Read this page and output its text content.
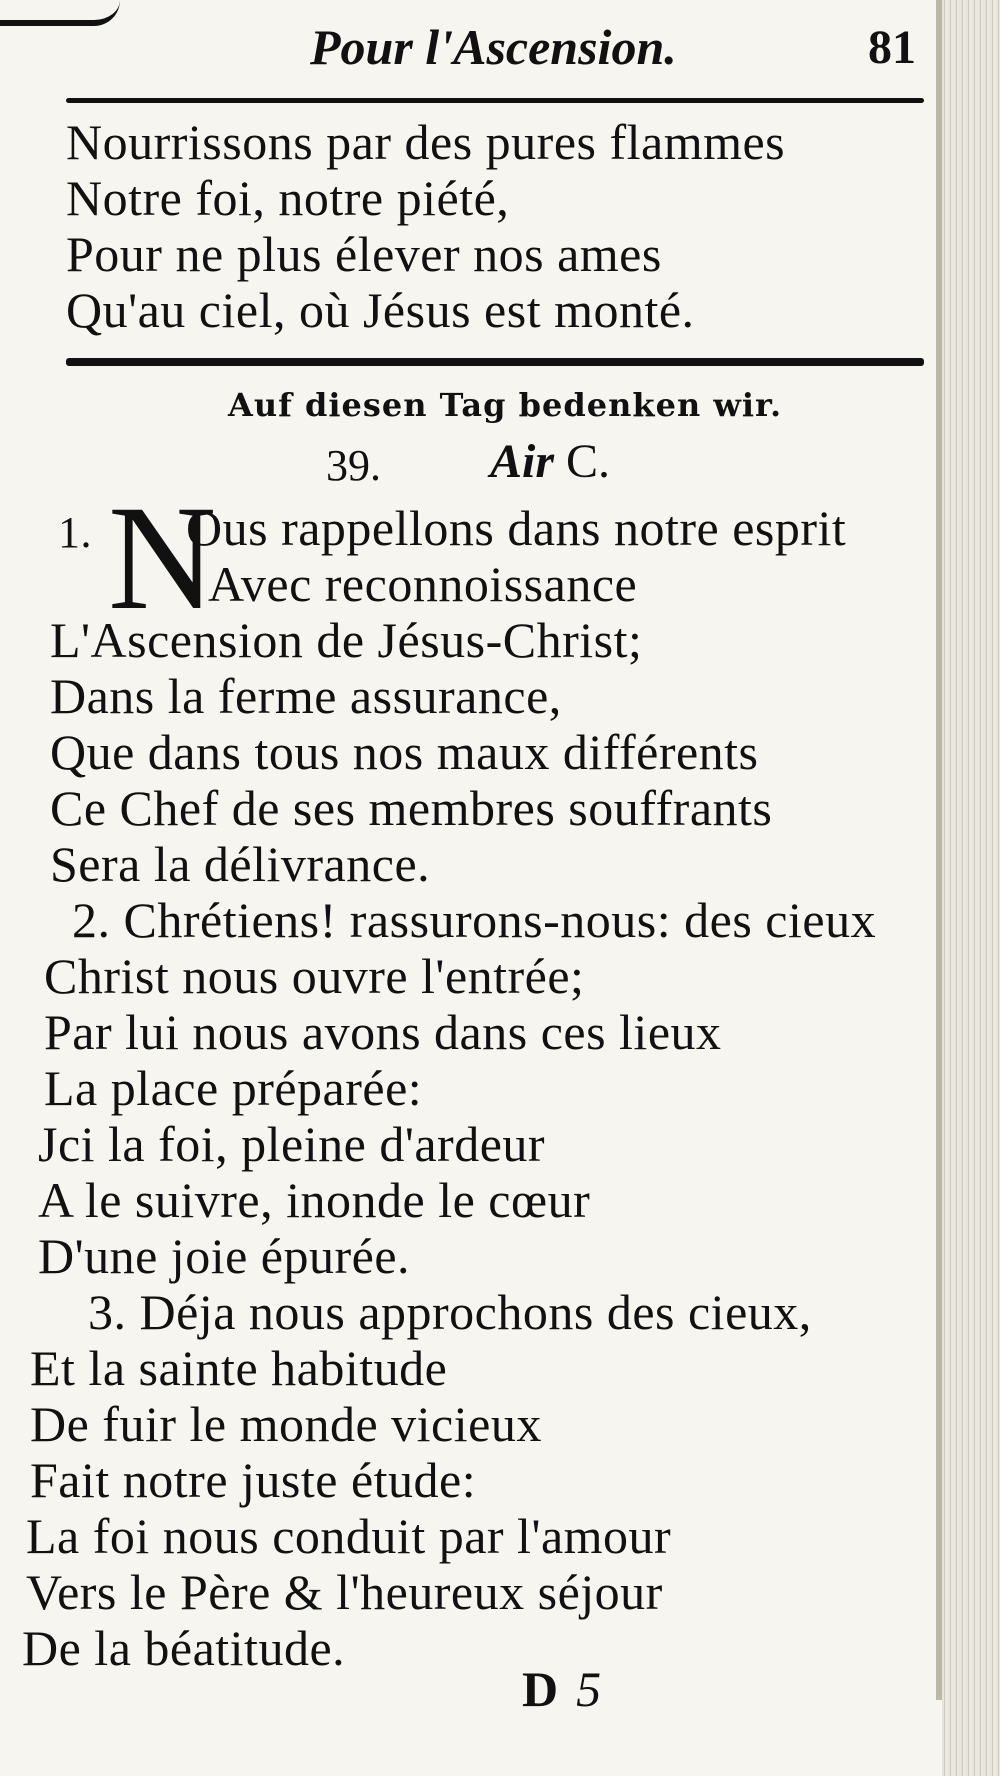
Pour l'Ascension.	81
Nourrissons par des pures flammes
Notre foi, notre piété,
Pour ne plus élever nos ames
Qu'au ciel, où Jésus est monté.
Auf diesen Tag bedenken wir.
39. Air C.
1. N
Ous rappellons dans notre esprit
Avec reconnoissance
L'Ascension de Jésus-Christ;
Dans la ferme assurance,
Que dans tous nos maux différents
Ce Chef de ses membres souffrants
Sera la délivrance.
2. Chrétiens! rassurons-nous: des cieux
Christ nous ouvre l'entrée;
Par lui nous avons dans ces lieux
La place préparée:
Jci la foi, pleine d'ardeur
A le suivre, inonde le cœur
D'une joie épurée.
3. Déja nous approchons des cieux,
Et la sainte habitude
De fuir le monde vicieux
Fait notre juste étude:
La foi nous conduit par l'amour
Vers le Père & l'heureux séjour
De la béatitude.
D 5
